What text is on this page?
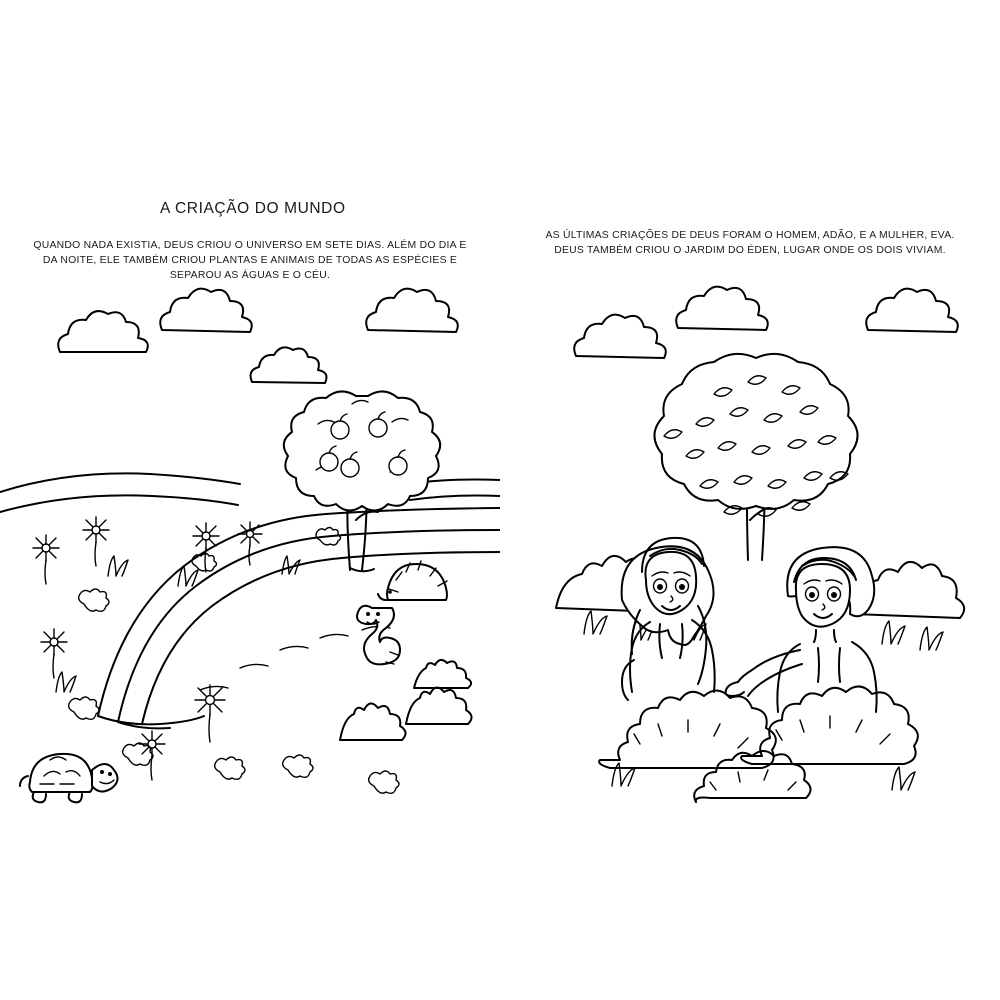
A CRIAÇÃO DO MUNDO
QUANDO NADA EXISTIA, DEUS CRIOU O UNIVERSO EM SETE DIAS. ALÉM DO DIA E DA NOITE, ELE TAMBÉM CRIOU PLANTAS E ANIMAIS DE TODAS AS ESPÉCIES E SEPAROU AS ÁGUAS E O CÉU.
AS ÚLTIMAS CRIAÇÕES DE DEUS FORAM O HOMEM, ADÃO, E A MULHER, EVA. DEUS TAMBÉM CRIOU O JARDIM DO ÉDEN, LUGAR ONDE OS DOIS VIVIAM.
